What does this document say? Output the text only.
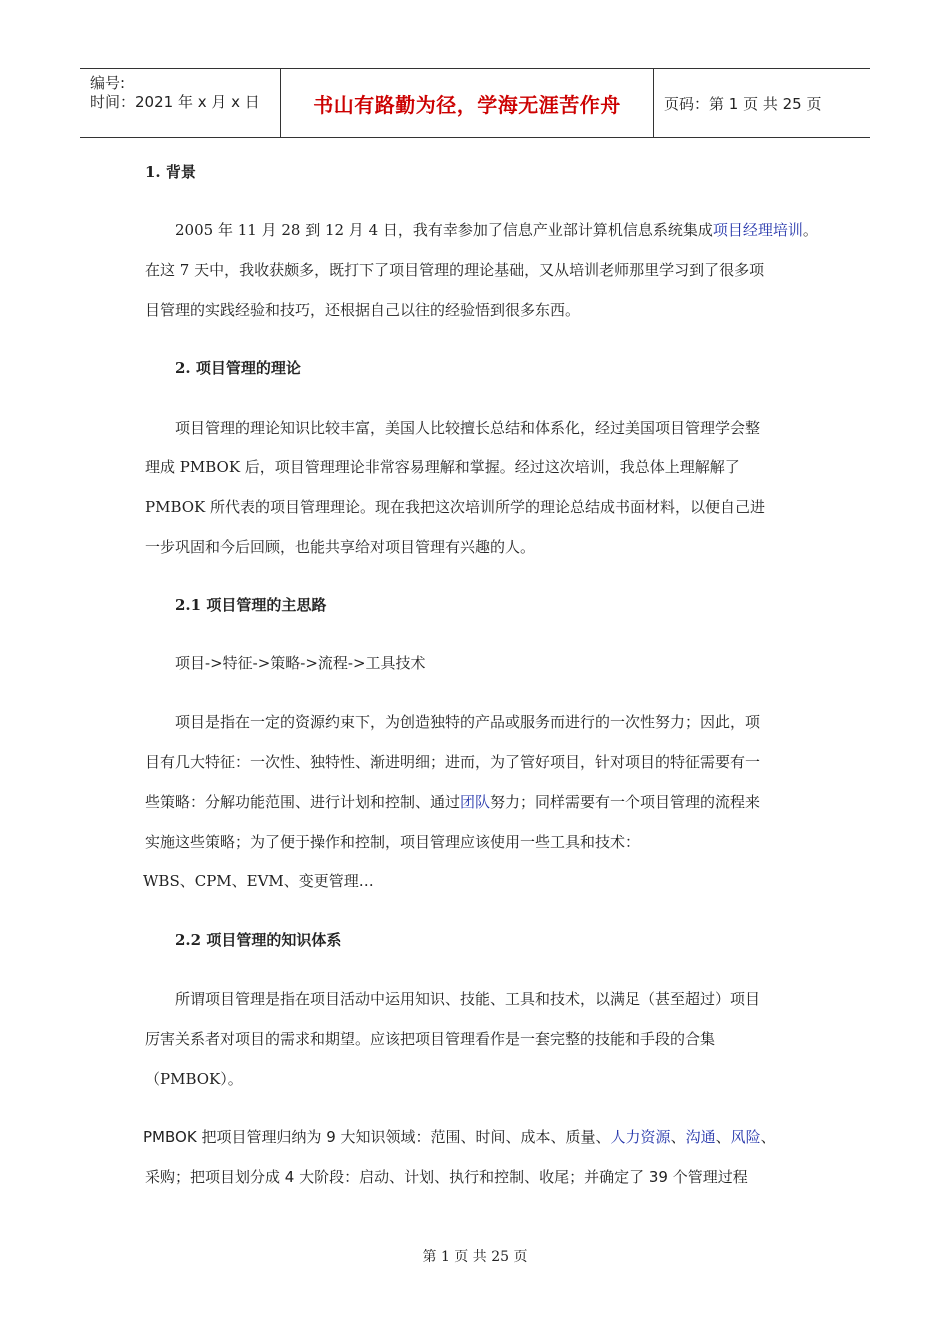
编号:
时间：2021 年 x 月 x 日	书山有路勤为径，学海无涯苦作舟	页码：第 1 页 共 25 页
1. 背景
2005 年 11 月 28 到 12 月 4 日，我有幸参加了信息产业部计算机信息系统集成项目经理培训。
在这 7 天中，我收获颇多，既打下了项目管理的理论基础，又从培训老师那里学习到了很多项
目管理的实践经验和技巧，还根据自己以往的经验悟到很多东西。
2. 项目管理的理论
项目管理的理论知识比较丰富，美国人比较擅长总结和体系化，经过美国项目管理学会整
理成 PMBOK 后，项目管理理论非常容易理解和掌握。经过这次培训，我总体上理解解了
PMBOK 所代表的项目管理理论。现在我把这次培训所学的理论总结成书面材料，以便自己进
一步巩固和今后回顾，也能共享给对项目管理有兴趣的人。
2.1 项目管理的主思路
项目->特征->策略->流程->工具技术
项目是指在一定的资源约束下，为创造独特的产品或服务而进行的一次性努力；因此，项
目有几大特征：一次性、独特性、渐进明细；进而，为了管好项目，针对项目的特征需要有一
些策略：分解功能范围、进行计划和控制、通过团队努力；同样需要有一个项目管理的流程来
实施这些策略；为了便于操作和控制，项目管理应该使用一些工具和技术：
WBS、CPM、EVM、变更管理…
2.2 项目管理的知识体系
所谓项目管理是指在项目活动中运用知识、技能、工具和技术，以满足（甚至超过）项目
厉害关系者对项目的需求和期望。应该把项目管理看作是一套完整的技能和手段的合集
（PMBOK）。
PMBOK 把项目管理归纳为 9 大知识领域：范围、时间、成本、质量、人力资源、沟通、风险、
采购；把项目划分成 4 大阶段：启动、计划、执行和控制、收尾；并确定了 39 个管理过程
第 1 页 共 25 页
